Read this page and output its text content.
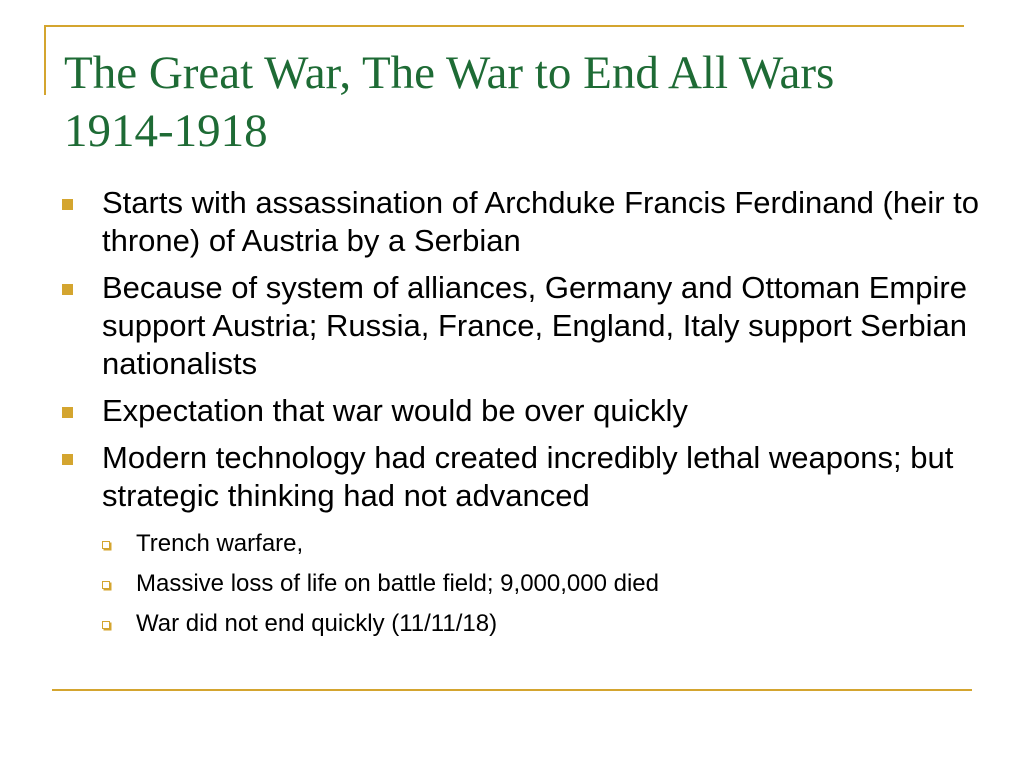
The Great War, The War to End All Wars
1914-1918
Starts with assassination of Archduke Francis Ferdinand (heir to throne) of Austria by a Serbian
Because of system of alliances, Germany and Ottoman Empire support Austria; Russia, France, England, Italy support Serbian nationalists
Expectation that war would be over quickly
Modern technology had created incredibly lethal weapons; but strategic thinking had not advanced
Trench warfare,
Massive loss of life on battle field; 9,000,000 died
War did not end quickly (11/11/18)
